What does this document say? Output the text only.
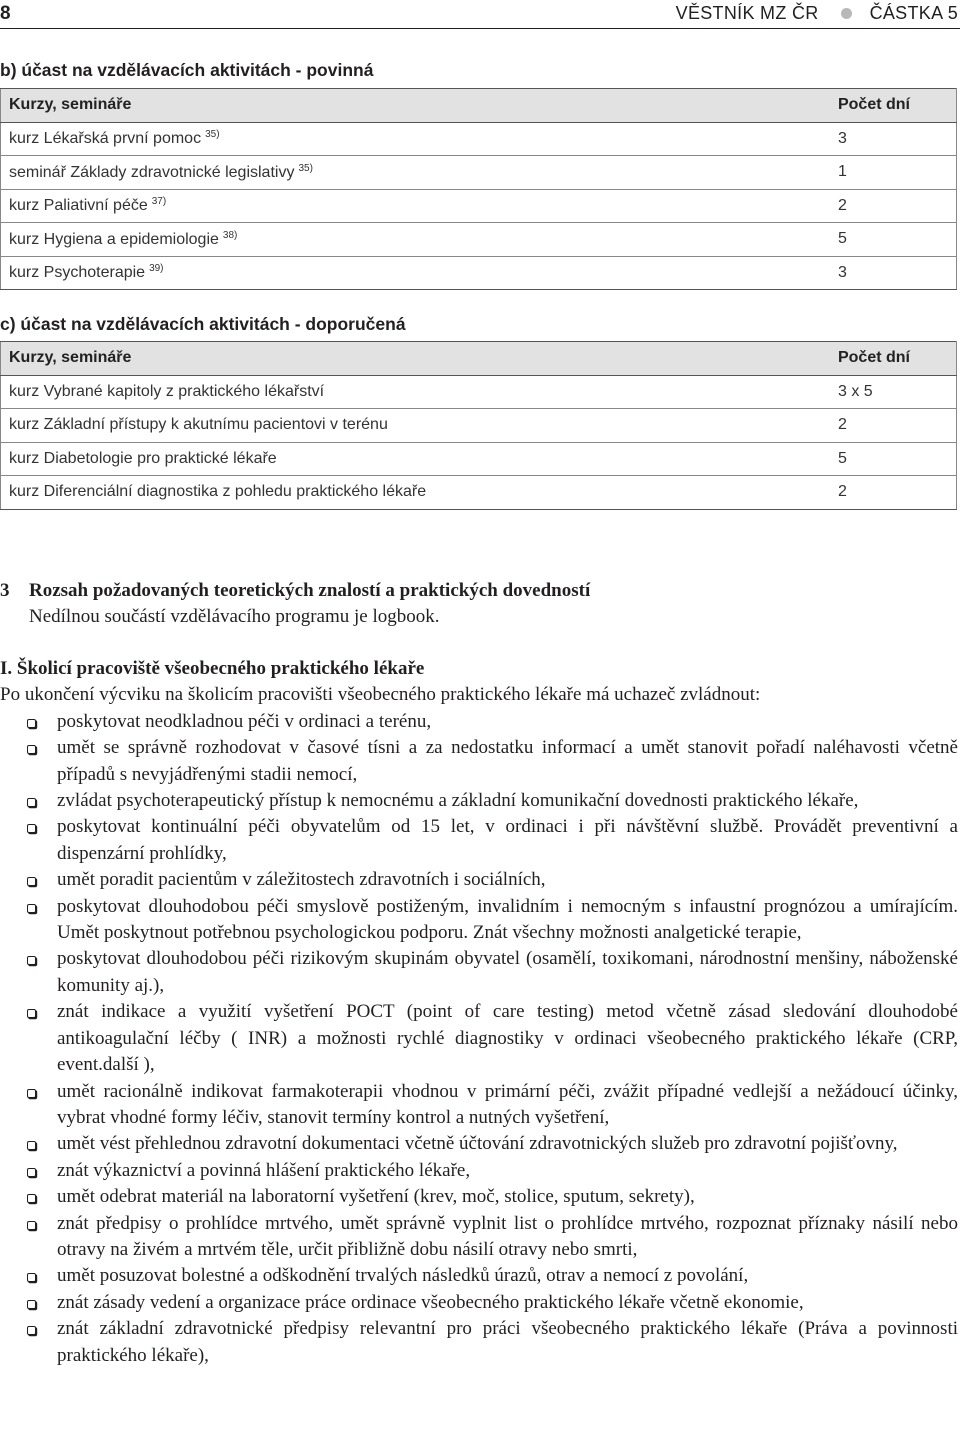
8	VĚSTNÍK MZ ČR	ČÁSTKA 5
b) účast na vzdělávacích aktivitách - povinná
Kurzy, semináře	Počet dní
kurz Lékařská první pomoc $^{35)}$	3
seminář Základy zdravotnické legislativy $^{35)}$	1
kurz Paliativní péče $^{37)}$	2
kurz Hygiena a epidemiologie $^{38)}$	5
kurz Psychoterapie $^{39)}$	3
c) účast na vzdělávacích aktivitách - doporučená
Kurzy, semináře	Počet dní
kurz Vybrané kapitoly z praktického lékařství	3 x 5
kurz Základní přístupy k akutnímu pacientovi v terénu	2
kurz Diabetologie pro praktické lékaře	5
kurz Diferenciální diagnostika z pohledu praktického lékaře	2
3 Rozsah požadovaných teoretických znalostí a praktických dovedností
Nedílnou součástí vzdělávacího programu je logbook.
I. Školicí pracoviště všeobecného praktického lékaře
Po ukončení výcviku na školicím pracovišti všeobecného praktického lékaře má uchazeč zvládnout:
poskytovat neodkladnou péči v ordinaci a terénu,
umět se správně rozhodovat v časové tísni a za nedostatku informací a umět stanovit pořadí naléhavosti včetně případů s nevyjádřenými stadii nemocí,
zvládat psychoterapeutický přístup k nemocnému a základní komunikační dovednosti praktického lékaře,
poskytovat kontinuální péči obyvatelům od 15 let, v ordinaci i při návštěvní službě. Provádět preventivní a dispenzární prohlídky,
umět poradit pacientům v záležitostech zdravotních i sociálních,
poskytovat dlouhodobou péči smyslově postiženým, invalidním i nemocným s infaustní prognózou a umírajícím. Umět poskytnout potřebnou psychologickou podporu. Znát všechny možnosti analgetické terapie,
poskytovat dlouhodobou péči rizikovým skupinám obyvatel (osamělí, toxikomani, národnostní menšiny, náboženské komunity aj.),
znát indikace a využití vyšetření POCT (point of care testing) metod včetně zásad sledování dlouhodobé antikoagulační léčby ( INR) a možnosti rychlé diagnostiky v ordinaci všeobecného praktického lékaře (CRP, event.další ),
umět racionálně indikovat farmakoterapii vhodnou v primární péči, zvážit případné vedlejší a nežádoucí účinky, vybrat vhodné formy léčiv, stanovit termíny kontrol a nutných vyšetření,
umět vést přehlednou zdravotní dokumentaci včetně účtování zdravotnických služeb pro zdravotní pojišťovny,
znát výkaznictví a povinná hlášení praktického lékaře,
umět odebrat materiál na laboratorní vyšetření (krev, moč, stolice, sputum, sekrety),
znát předpisy o prohlídce mrtvého, umět správně vyplnit list o prohlídce mrtvého, rozpoznat příznaky násilí nebo otravy na živém a mrtvém těle, určit přibližně dobu násilí otravy nebo smrti,
umět posuzovat bolestné a odškodnění trvalých následků úrazů, otrav a nemocí z povolání,
znát zásady vedení a organizace práce ordinace všeobecného praktického lékaře včetně ekonomie,
znát základní zdravotnické předpisy relevantní pro práci všeobecného praktického lékaře (Práva a povinnosti praktického lékaře),
